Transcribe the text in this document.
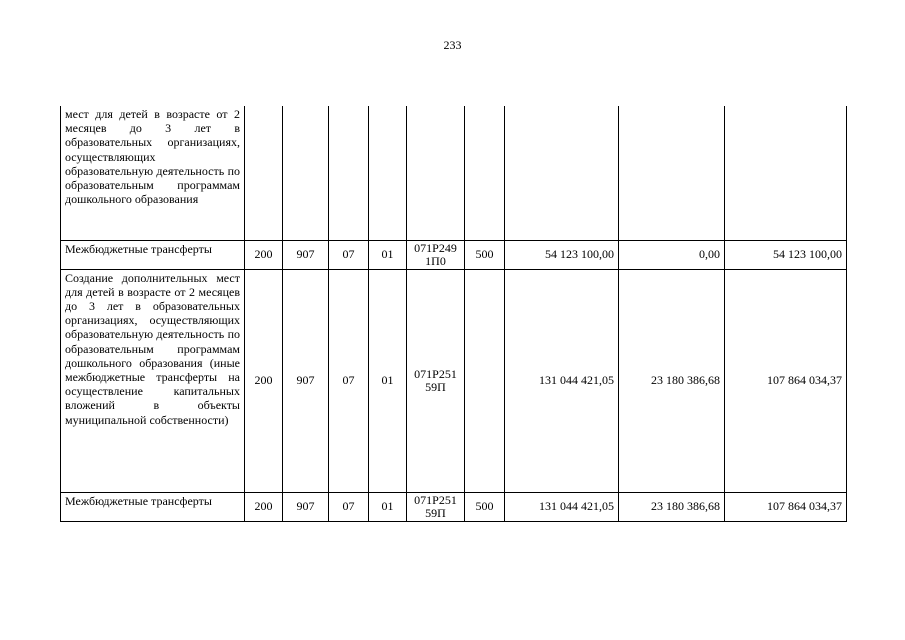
233
мест для детей в возрасте от 2 месяцев до 3 лет в образовательных организациях, осуществляющих образовательную деятельность по образовательным программам дошкольного образования									
Межбюджетные трансферты	200	907	07	01	071P249 1П0	500	54 123 100,00	0,00	54 123 100,00
Создание дополнительных мест для детей в возрасте от 2 месяцев до 3 лет в образовательных организациях, осуществляющих образовательную деятельность по образовательным программам дошкольного образования (иные межбюджетные трансферты на осуществление капитальных вложений в объекты муниципальной собственности)	200	907	07	01	071P251 59П		131 044 421,05	23 180 386,68	107 864 034,37
Межбюджетные трансферты	200	907	07	01	071P251 59П	500	131 044 421,05	23 180 386,68	107 864 034,37
